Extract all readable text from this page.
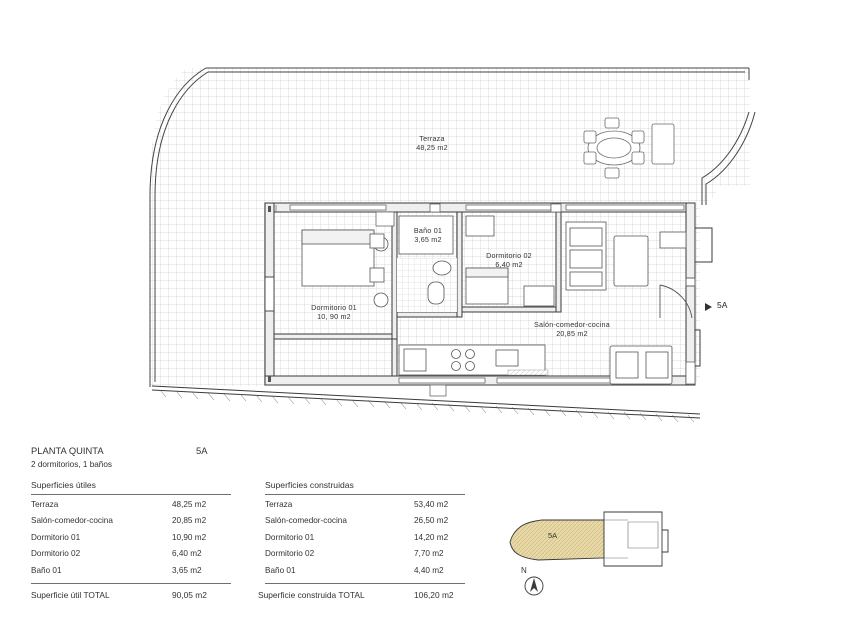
Terraza
48,25 m2
Baño 01
3,65 m2
Dormitorio 02
6,40 m2
Dormitorio 01
10, 90 m2
Salón-comedor-cocina
20,85 m2
5A
PLANTA QUINTA	5A
2 dormitorios, 1 baños
Superficies útiles
Terraza	48,25 m2
Salón-comedor-cocina	20,85 m2
Dormitorio 01	10,90 m2
Dormitorio 02	6,40 m2
Baño 01	3,65 m2
Superficie útil TOTAL	90,05 m2
Superficies construidas
Terraza	53,40 m2
Salón-comedor-cocina	26,50 m2
Dormitorio 01	14,20 m2
Dormitorio 02	7,70 m2
Baño 01	4,40 m2
Superficie construida TOTAL	106,20 m2
5A
N
